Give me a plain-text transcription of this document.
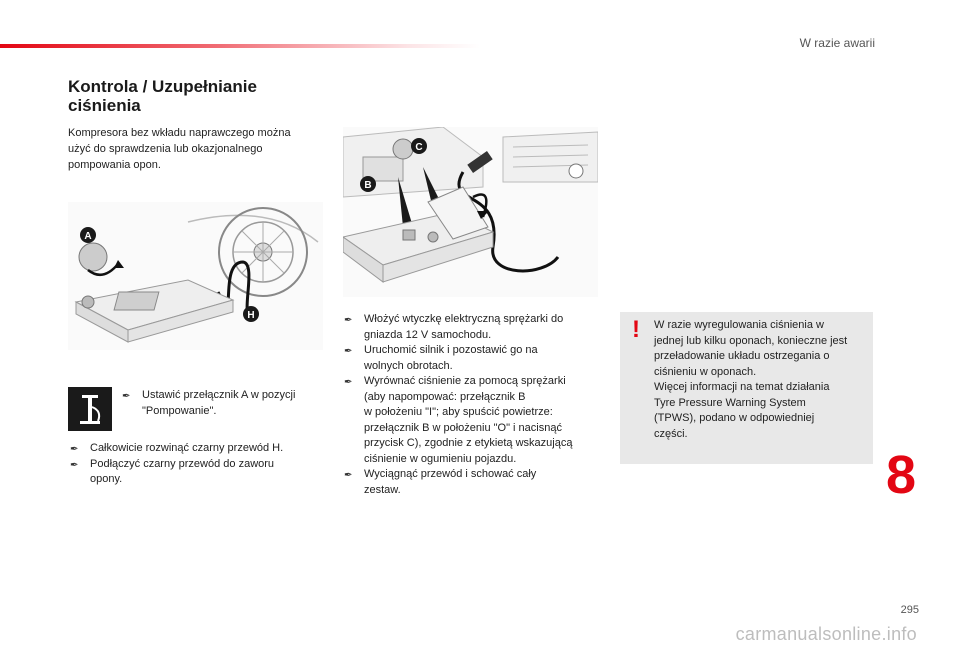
W razie awarii
Kontrola / Uzupełnianie
ciśnienia
Kompresora bez wkładu naprawczego można
użyć do sprawdzenia lub okazjonalnego
pompowania opon.
A
H
C
B
✒ Ustawić przełącznik A w pozycji
"Pompowanie".
✒ Całkowicie rozwinąć czarny przewód H.
✒ Podłączyć czarny przewód do zaworu
opony.
✒ Włożyć wtyczkę elektryczną sprężarki do
gniazda 12 V samochodu.
✒ Uruchomić silnik i pozostawić go na
wolnych obrotach.
✒ Wyrównać ciśnienie za pomocą sprężarki
(aby napompować: przełącznik B
w położeniu "I"; aby spuścić powietrze:
przełącznik B w położeniu "O" i nacisnąć
przycisk C), zgodnie z etykietą wskazującą
ciśnienie w ogumieniu pojazdu.
✒ Wyciągnąć przewód i schować cały
zestaw.
! W razie wyregulowania ciśnienia w
jednej lub kilku oponach, konieczne jest
przeładowanie układu ostrzegania o
ciśnieniu w oponach.
Więcej informacji na temat działania
Tyre Pressure Warning System
(TPWS), podano w odpowiedniej
części.
8
295
carmanualsonline.info
